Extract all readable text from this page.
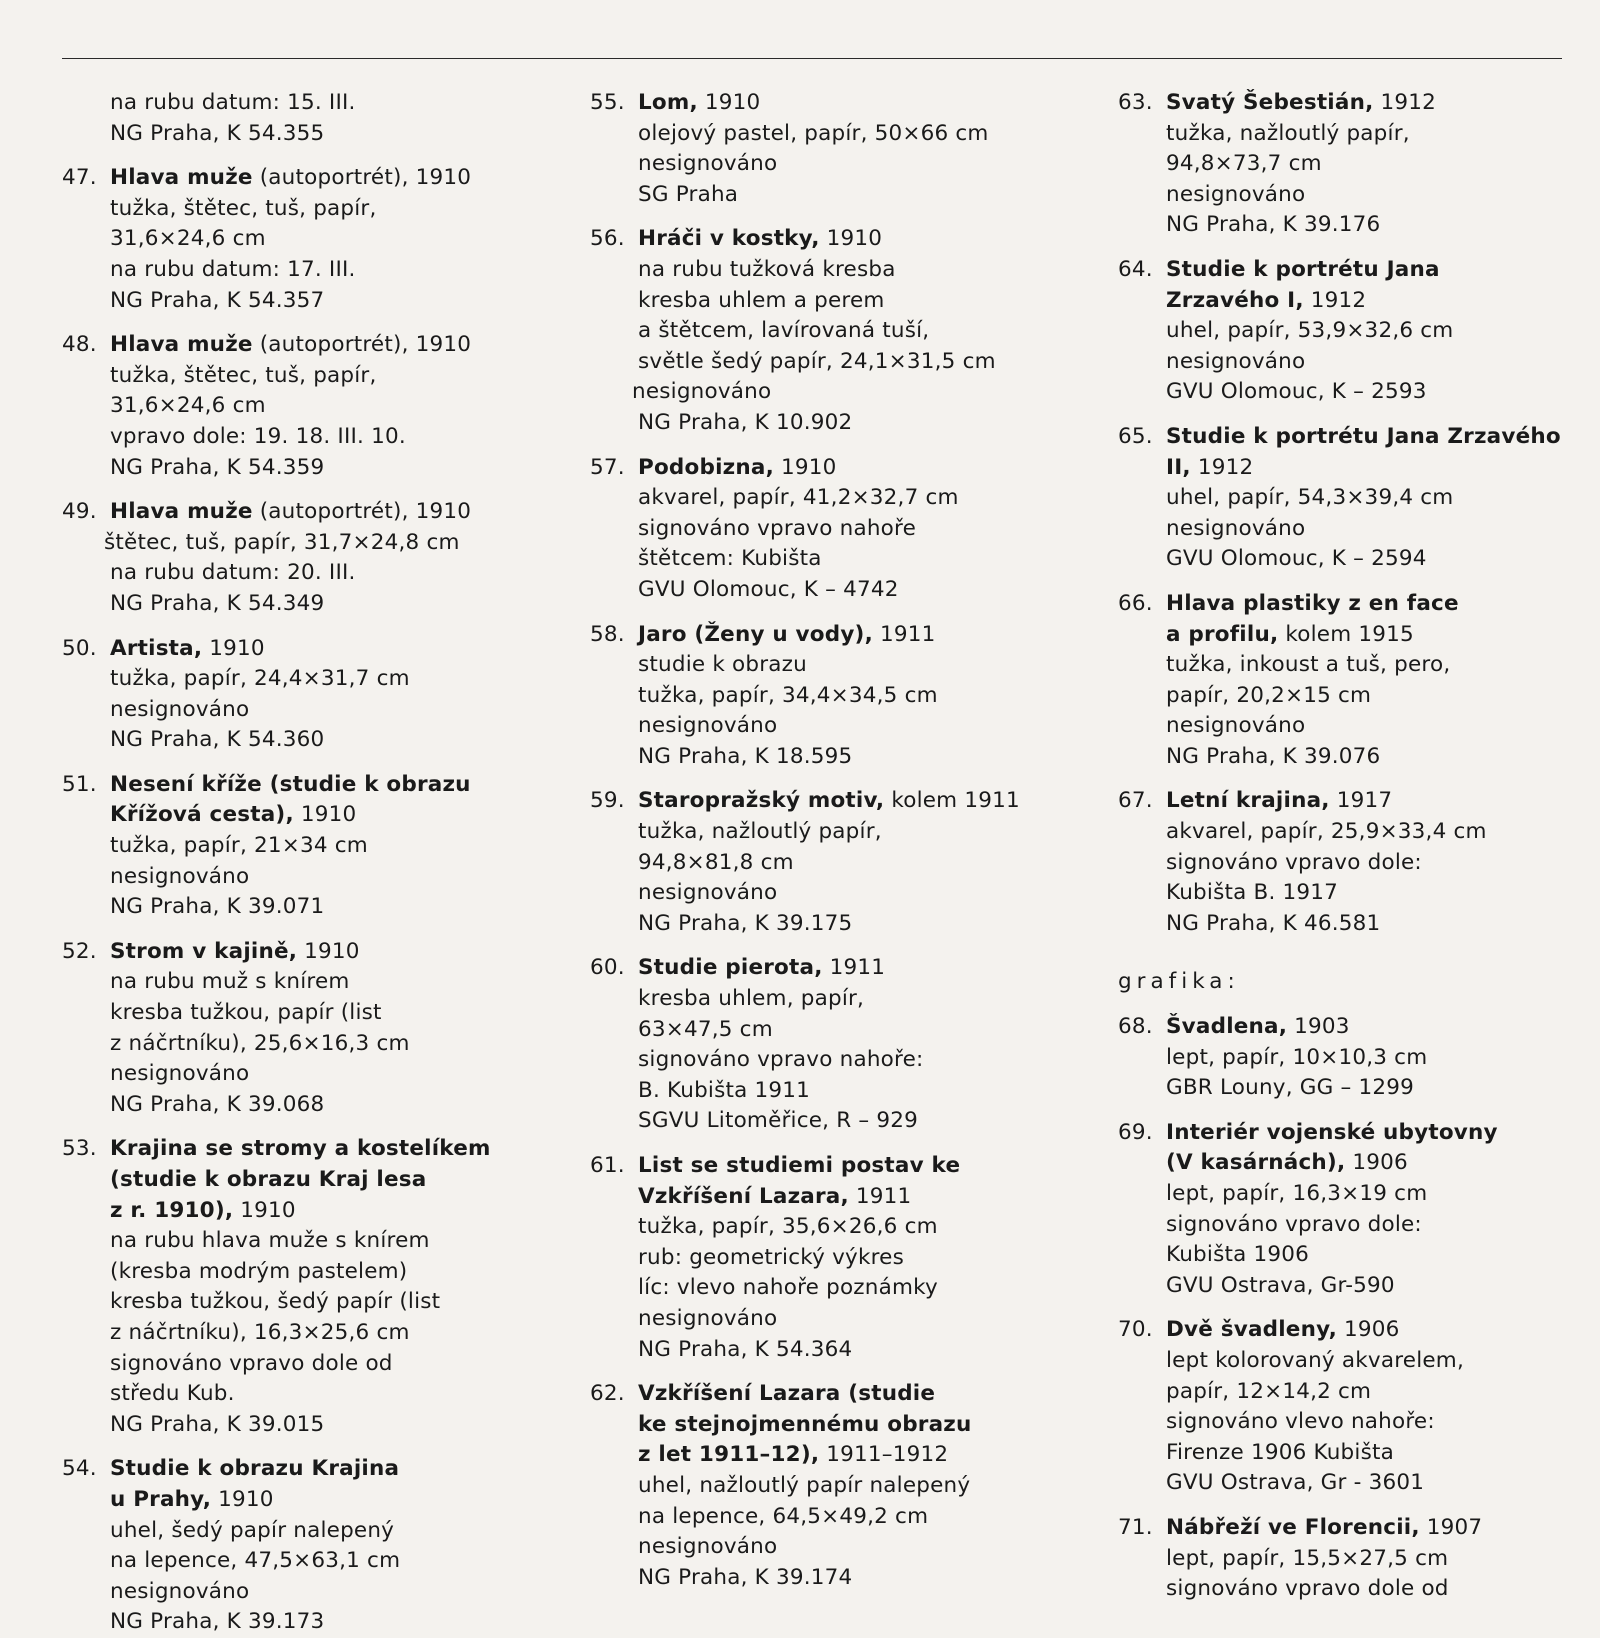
na rubu datum: 15. III.
NG Praha, K 54.355
47. Hlava muže (autoportrét), 1910
tužka, štětec, tuš, papír,
31,6×24,6 cm
na rubu datum: 17. III.
NG Praha, K 54.357
48. Hlava muže (autoportrét), 1910
tužka, štětec, tuš, papír,
31,6×24,6 cm
vpravo dole: 19. 18. III. 10.
NG Praha, K 54.359
49. Hlava muže (autoportrét), 1910
štětec, tuš, papír, 31,7×24,8 cm
na rubu datum: 20. III.
NG Praha, K 54.349
50. Artista, 1910
tužka, papír, 24,4×31,7 cm
nesignováno
NG Praha, K 54.360
51. Nesení kříže (studie k obrazu
Křížová cesta), 1910
tužka, papír, 21×34 cm
nesignováno
NG Praha, K 39.071
52. Strom v kajině, 1910
na rubu muž s knírem
kresba tužkou, papír (list
z náčrtníku), 25,6×16,3 cm
nesignováno
NG Praha, K 39.068
53. Krajina se stromy a kostelíkem
(studie k obrazu Kraj lesa
z r. 1910), 1910
na rubu hlava muže s knírem
(kresba modrým pastelem)
kresba tužkou, šedý papír (list
z náčrtníku), 16,3×25,6 cm
signováno vpravo dole od
středu Kub.
NG Praha, K 39.015
54. Studie k obrazu Krajina
u Prahy, 1910
uhel, šedý papír nalepený
na lepence, 47,5×63,1 cm
nesignováno
NG Praha, K 39.173
55. Lom, 1910
olejový pastel, papír, 50×66 cm
nesignováno
SG Praha
56. Hráči v kostky, 1910
na rubu tužková kresba
kresba uhlem a perem
a štětcem, lavírovaná tuší,
světle šedý papír, 24,1×31,5 cm
nesignováno
NG Praha, K 10.902
57. Podobizna, 1910
akvarel, papír, 41,2×32,7 cm
signováno vpravo nahoře
štětcem: Kubišta
GVU Olomouc, K – 4742
58. Jaro (Ženy u vody), 1911
studie k obrazu
tužka, papír, 34,4×34,5 cm
nesignováno
NG Praha, K 18.595
59. Staropražský motiv, kolem 1911
tužka, nažloutlý papír,
94,8×81,8 cm
nesignováno
NG Praha, K 39.175
60. Studie pierota, 1911
kresba uhlem, papír,
63×47,5 cm
signováno vpravo nahoře:
B. Kubišta 1911
SGVU Litoměřice, R – 929
61. List se studiemi postav ke
Vzkříšení Lazara, 1911
tužka, papír, 35,6×26,6 cm
rub: geometrický výkres
líc: vlevo nahoře poznámky
nesignováno
NG Praha, K 54.364
62. Vzkříšení Lazara (studie
ke stejnojmennému obrazu
z let 1911–12), 1911–1912
uhel, nažloutlý papír nalepený
na lepence, 64,5×49,2 cm
nesignováno
NG Praha, K 39.174
63. Svatý Šebestián, 1912
tužka, nažloutlý papír,
94,8×73,7 cm
nesignováno
NG Praha, K 39.176
64. Studie k portrétu Jana
Zrzavého I, 1912
uhel, papír, 53,9×32,6 cm
nesignováno
GVU Olomouc, K – 2593
65. Studie k portrétu Jana Zrzavého
II, 1912
uhel, papír, 54,3×39,4 cm
nesignováno
GVU Olomouc, K – 2594
66. Hlava plastiky z en face
a profilu, kolem 1915
tužka, inkoust a tuš, pero,
papír, 20,2×15 cm
nesignováno
NG Praha, K 39.076
67. Letní krajina, 1917
akvarel, papír, 25,9×33,4 cm
signováno vpravo dole:
Kubišta B. 1917
NG Praha, K 46.581
grafika:
68. Švadlena, 1903
lept, papír, 10×10,3 cm
GBR Louny, GG – 1299
69. Interiér vojenské ubytovny
(V kasárnách), 1906
lept, papír, 16,3×19 cm
signováno vpravo dole:
Kubišta 1906
GVU Ostrava, Gr-590
70. Dvě švadleny, 1906
lept kolorovaný akvarelem,
papír, 12×14,2 cm
signováno vlevo nahoře:
Firenze 1906 Kubišta
GVU Ostrava, Gr - 3601
71. Nábřeží ve Florencii, 1907
lept, papír, 15,5×27,5 cm
signováno vpravo dole od
